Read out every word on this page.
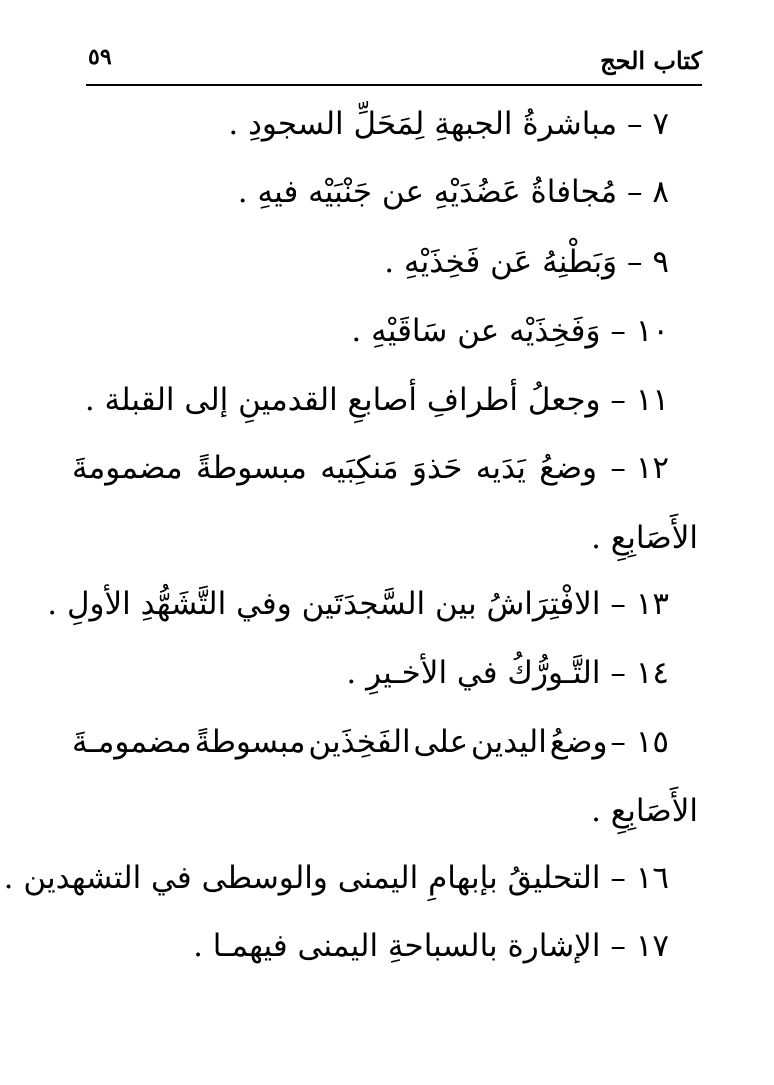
كتاب الحج
٥٩
٧ – مباشرةُ الجبهةِ لِمَحَلِّ السجودِ .
٨ – مُجافاةُ عَضُدَيْهِ عن جَنْبَيْه فيهِ .
٩ – وَبَطْنِهُ عَن فَخِذَيْهِ .
١٠ – وَفَخِذَيْه عن سَاقَيْهِ .
١١ – وجعلُ أطرافِ أصابعِ القدمينِ إلى القبلة .
١٢ –
وضعُ
يَدَيه
حَذوَ
مَنكِبَيه
مبسوطةً
مضمومةَ
الأَصَابِعِ .
١٣ – الافْتِرَاشُ بين السَّجدَتَين وفي التَّشَهُّدِ الأولِ .
١٤ – التَّـورُّكُ في الأخـيرِ .
١٥ –
وضعُ
اليدين
على
الفَخِذَين
مبسوطةً
مضمومـةَ
الأَصَابِعِ .
١٦ – التحليقُ بإبهامِ اليمنى والوسطى في التشهدين .
١٧ – الإشارة بالسباحةِ اليمنى فيهمـا .
